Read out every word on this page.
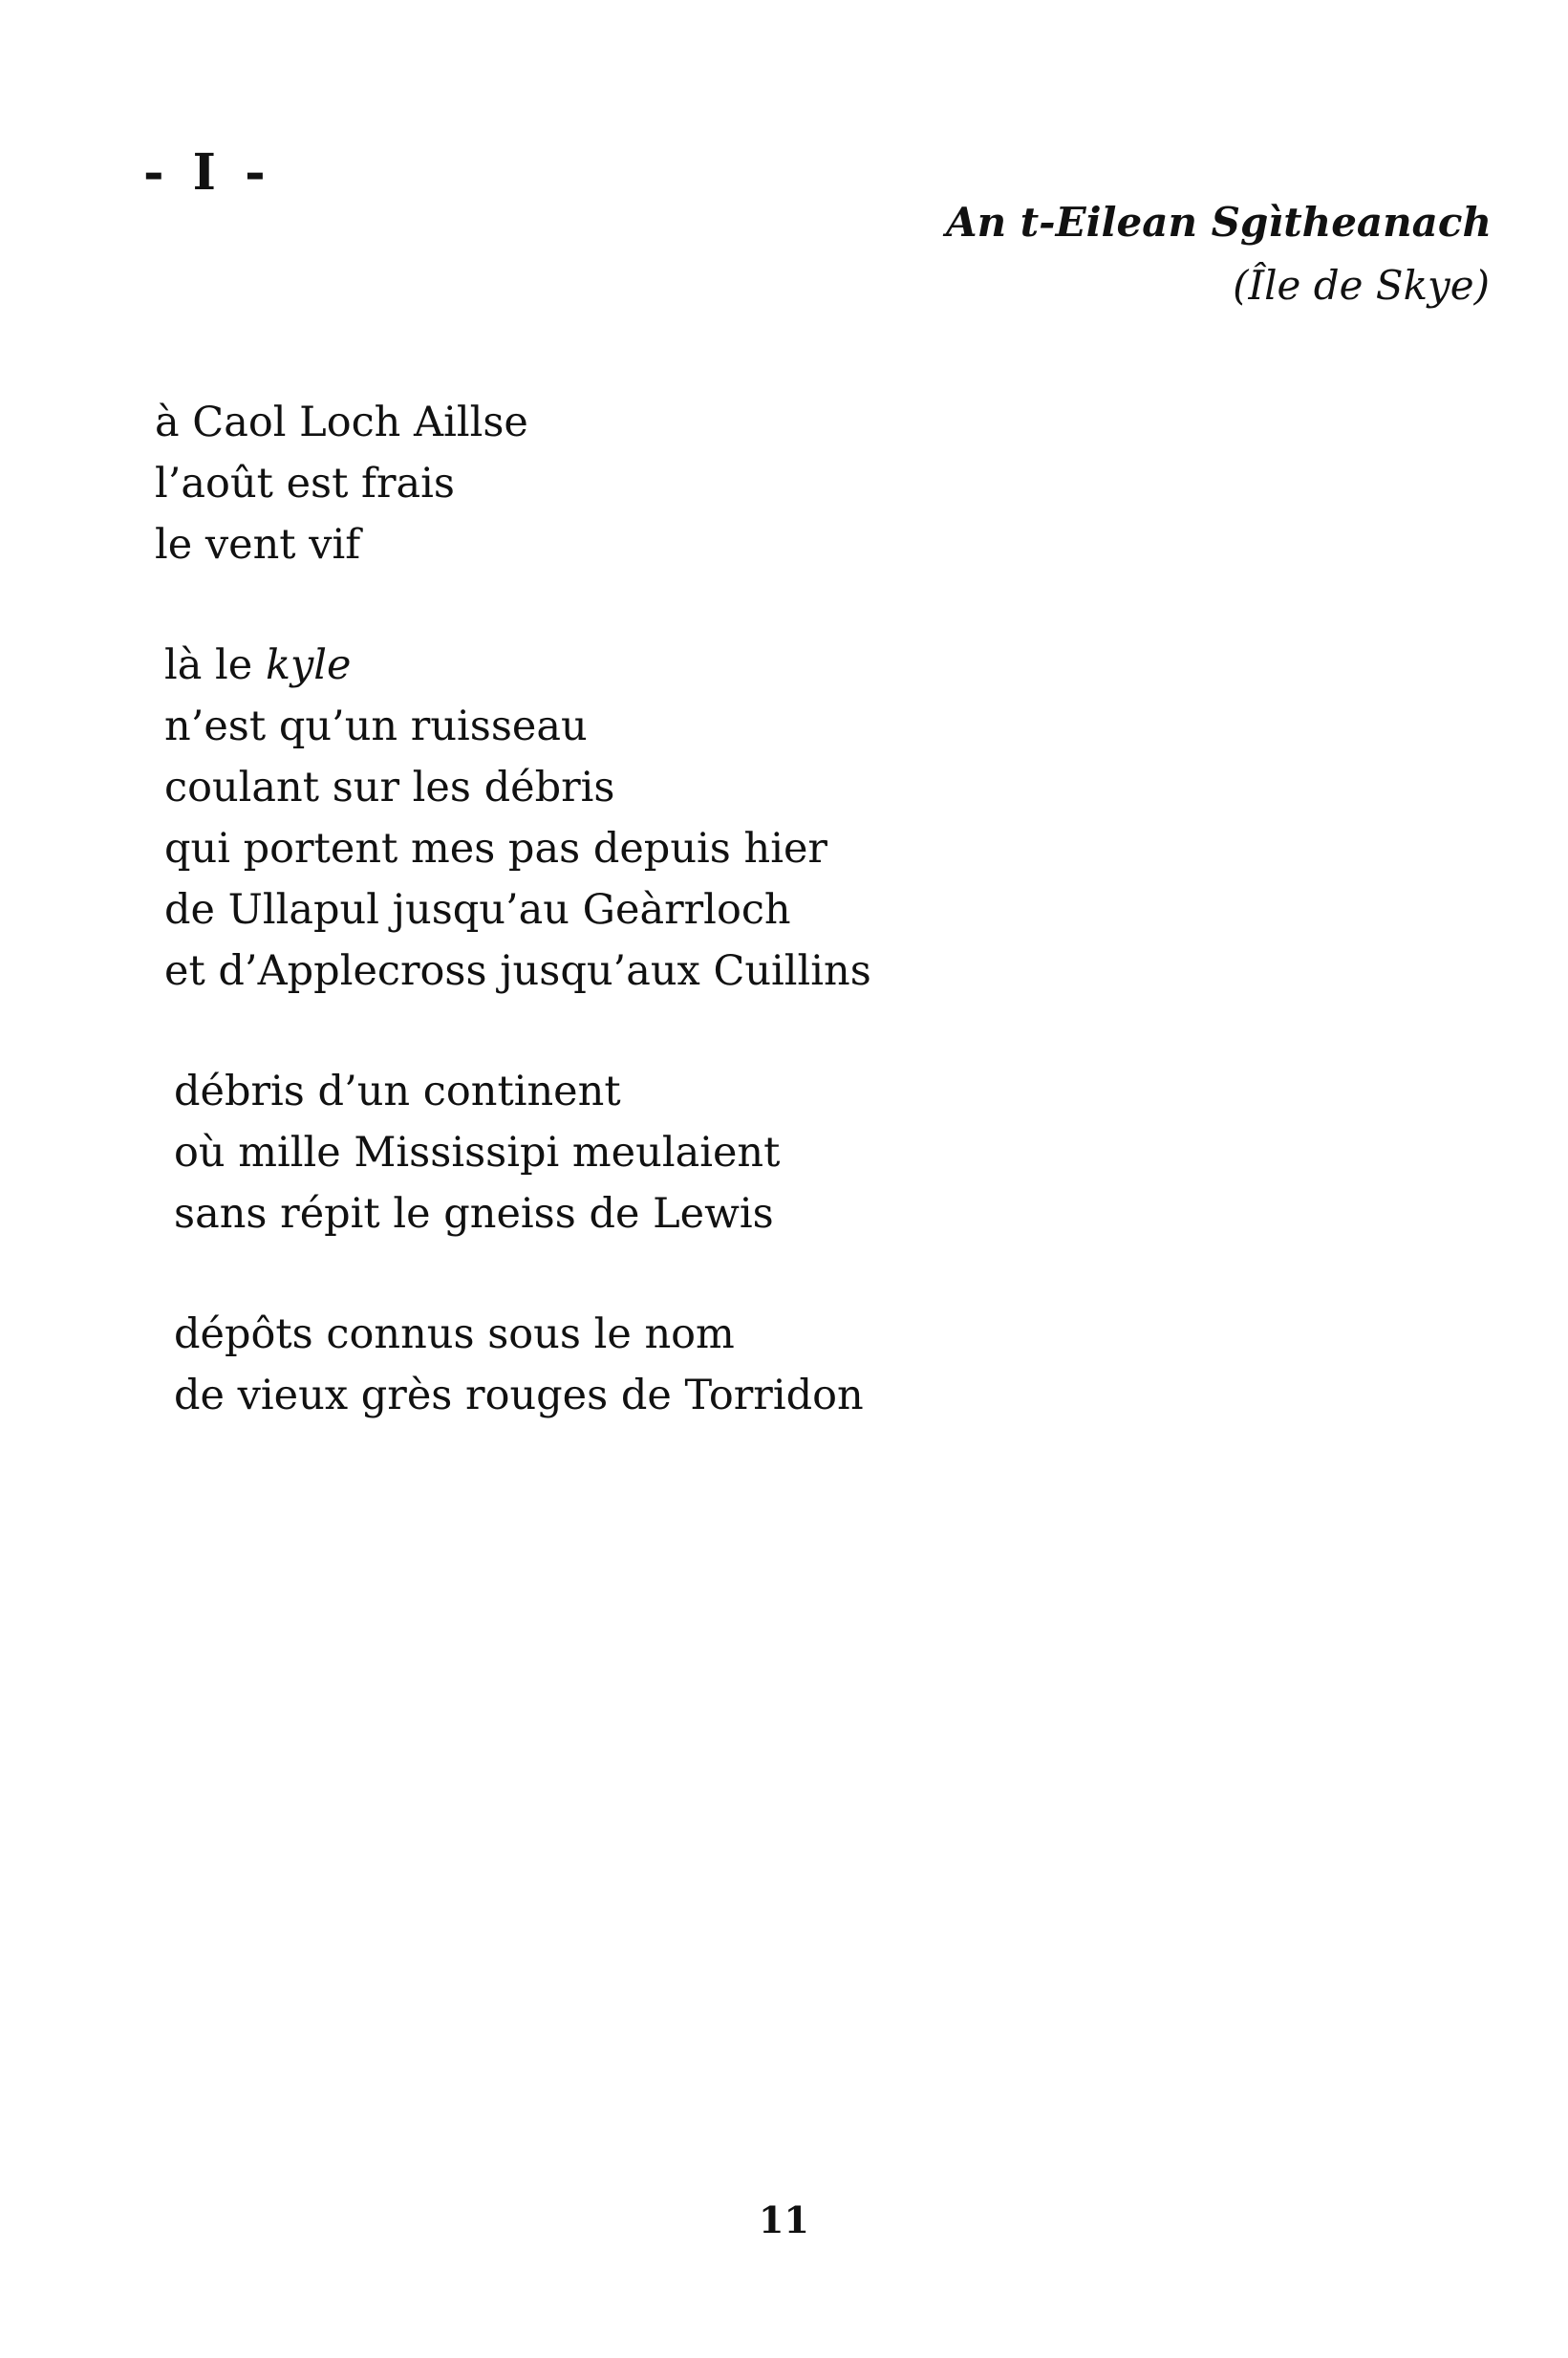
- I -
An t-Eilean Sgìtheanach
(Île de Skye)

à Caol Loch Aillse
l’août est frais
le vent vif

là le kyle
n’est qu’un ruisseau
coulant sur les débris
qui portent mes pas depuis hier
de Ullapul jusqu’au Geàrrloch
et d’Applecross jusqu’aux Cuillins

débris d’un continent
où mille Mississipi meulaient
sans répit le gneiss de Lewis

dépôts connus sous le nom
de vieux grès rouges de Torridon

11
